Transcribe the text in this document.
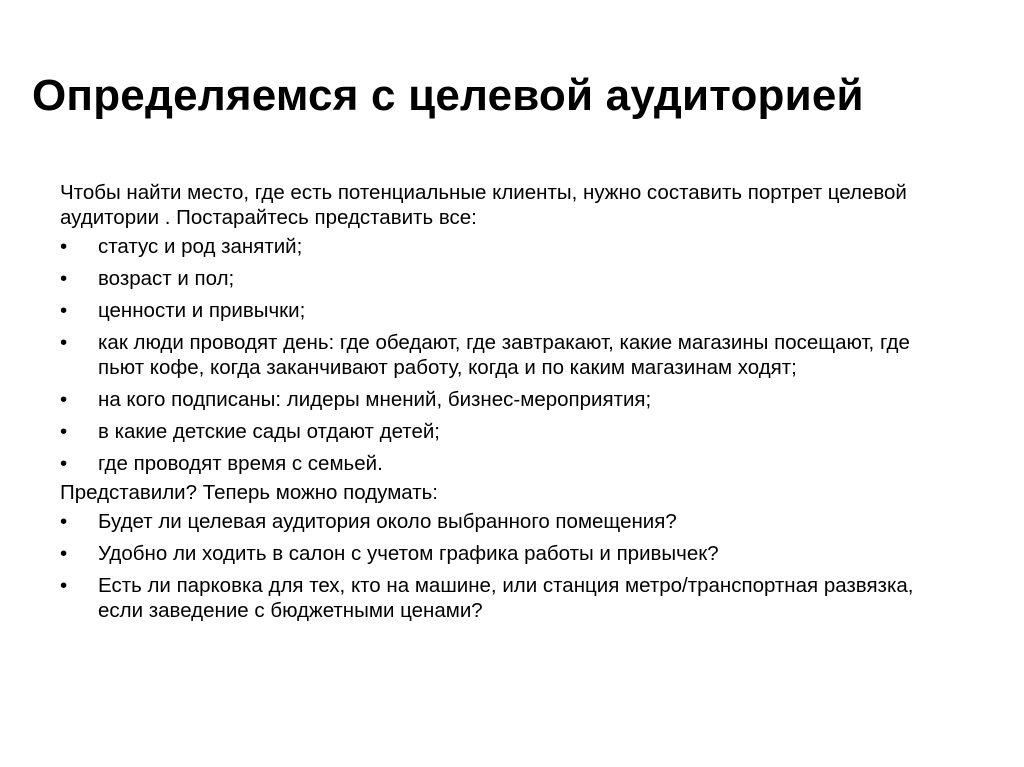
Определяемся с целевой аудиторией

Чтобы найти место, где есть потенциальные клиенты, нужно составить портрет целевой аудитории . Постарайтесь представить все:

•	статус и род занятий;
•	возраст и пол;
•	ценности и привычки;
•	как люди проводят день: где обедают, где завтракают, какие магазины посещают, где пьют кофе, когда заканчивают работу, когда и по каким магазинам ходят;
•	на кого подписаны: лидеры мнений, бизнес-мероприятия;
•	в какие детские сады отдают детей;
•	где проводят время с семьей.

Представили? Теперь можно подумать:

•	Будет ли целевая аудитория около выбранного помещения?
•	Удобно ли ходить в салон с учетом графика работы и привычек?
•	Есть ли парковка для тех, кто на машине, или станция метро/транспортная развязка, если заведение с бюджетными ценами?
